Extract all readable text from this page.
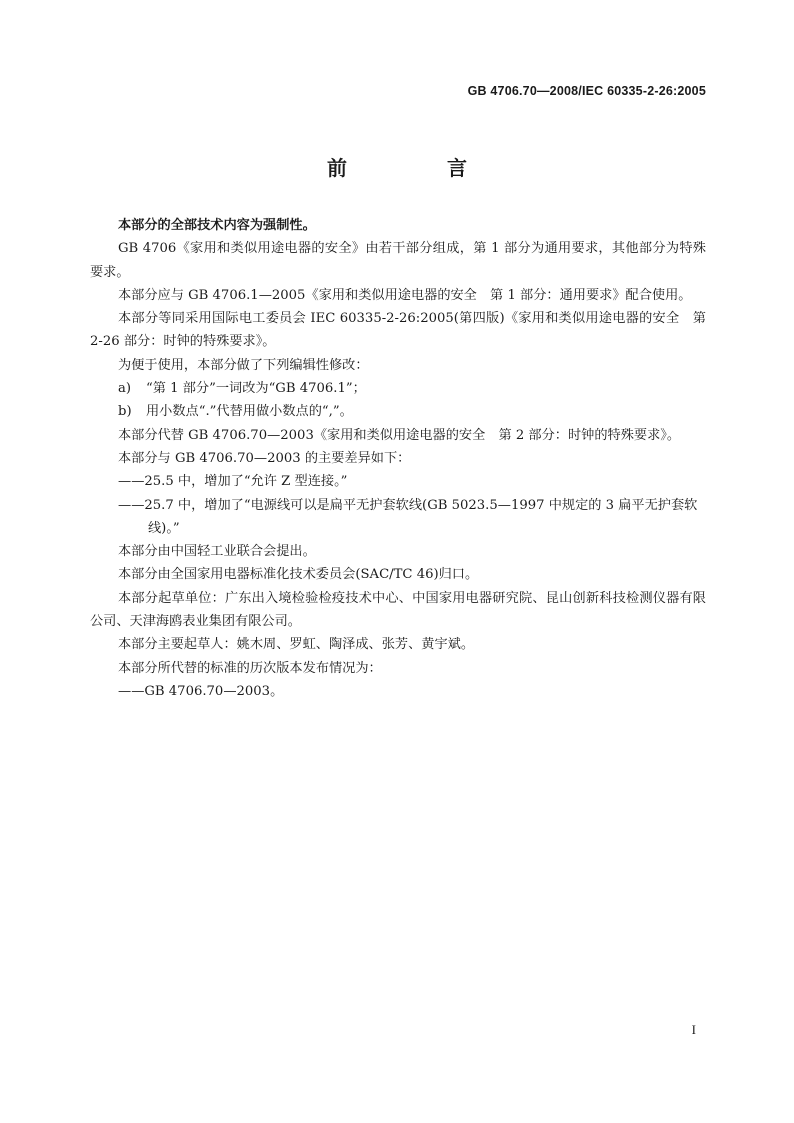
GB 4706.70—2008/IEC 60335-2-26:2005
前　言

本部分的全部技术内容为强制性。

GB 4706《家用和类似用途电器的安全》由若干部分组成，第 1 部分为通用要求，其他部分为特殊要求。

本部分应与 GB 4706.1—2005《家用和类似用途电器的安全　第 1 部分：通用要求》配合使用。

本部分等同采用国际电工委员会 IEC 60335-2-26:2005(第四版)《家用和类似用途电器的安全　第 2-26 部分：时钟的特殊要求》。

为便于使用，本部分做了下列编辑性修改：

a) “第 1 部分”一词改为“GB 4706.1”；

b) 用小数点“.”代替用做小数点的“,”。

本部分代替 GB 4706.70—2003《家用和类似用途电器的安全　第 2 部分：时钟的特殊要求》。

本部分与 GB 4706.70—2003 的主要差异如下：

——25.5 中，增加了“允许 Z 型连接。”

——25.7 中，增加了“电源线可以是扁平无护套软线(GB 5023.5—1997 中规定的 3 扁平无护套软线)。”

本部分由中国轻工业联合会提出。

本部分由全国家用电器标准化技术委员会(SAC/TC 46)归口。

本部分起草单位：广东出入境检验检疫技术中心、中国家用电器研究院、昆山创新科技检测仪器有限公司、天津海鸥表业集团有限公司。

本部分主要起草人：姚木周、罗虹、陶泽成、张芳、黄宇斌。

本部分所代替的标准的历次版本发布情况为：

——GB 4706.70—2003。

I
